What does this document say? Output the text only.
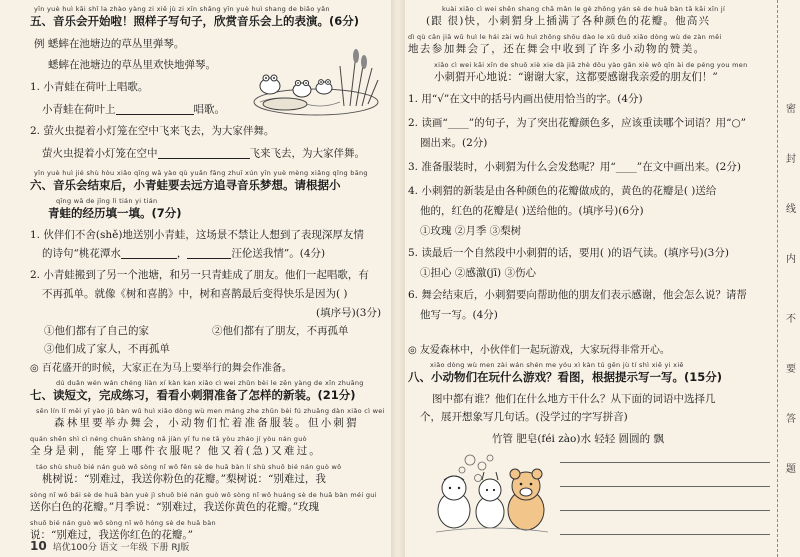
yīn yuè huì kāi shǐ la zhào yàng zi xiě jù zi xīn shǎng yīn yuè huì shang de biǎo yǎn
五、音乐会开始啦！照样子写句子，欣赏音乐会上的表演。(6分)
例 蟋蟀在池塘边的草丛里弹琴。
蟋蟀在池塘边的草丛里欢快地弹琴。
1. 小青蛙在荷叶上唱歌。
小青蛙在荷叶上	唱歌。
2. 萤火虫提着小灯笼在空中飞来飞去，为大家伴舞。
萤火虫提着小灯笼在空中	飞来飞去，为大家伴舞。
yīn yuè huì jié shù hòu xiǎo qīng wā yào qù yuǎn fāng zhuī xún yīn yuè mèng xiǎng qǐng bāng
六、音乐会结束后，小青蛙要去远方追寻音乐梦想。请根据小
qīng wā de jīng lì tián yi tián
青蛙的经历填一填。(7分)
1. 伙伴们不舍(shě)地送别小青蛙，这场景不禁让人想到了表现深厚友情
的诗句“桃花潭水	，	汪伦送我情”。(4分)
2. 小青蛙搬到了另一个池塘，和另一只青蛙成了朋友。他们一起唱歌，有
不再孤单。就像《树和喜鹊》中，树和喜鹊最后变得快乐是因为( )
(填序号)(3分)
①他们都有了自己的家	②他们都有了朋友，不再孤单
③他们成了家人，不再孤单
◎ 百花盛开的时候，大家正在为马上要举行的舞会作准备。
dú duǎn wén wán chéng liàn xí kàn kan xiǎo cì wei zhǔn bèi le zěn yàng de xīn zhuāng
七、读短文，完成练习，看看小刺猬准备了怎样的新装。(21分)
sēn lín lǐ měi yī yào jǔ bàn wǔ huì xiǎo dòng wù men máng zhe zhǔn bèi fú zhuāng dàn xiǎo cì wei
森林里要举办舞会，小动物们忙着准备服装。但小刺猬
quán shēn shì cì néng chuān shàng nǎ jiàn yī fu ne tā yòu zháo jí yòu nán guò
全身是刺，能穿上哪件衣服呢？他又着(急)又难过。
táo shù shuō bié nán guò wǒ sòng nǐ wǒ fěn sè de huā bàn lí shù shuō bié nán guò wǒ
桃树说：“别难过，我送你粉色的花瓣。”梨树说：“别难过，我
sòng nǐ wǒ bái sè de huā bàn yuè jì shuō bié nán guò wǒ sòng nǐ wǒ huáng sè de huā bàn méi gui
送你白色的花瓣。”月季说：“别难过，我送你黄色的花瓣。”玫瑰
shuō bié nán guò wǒ sòng nǐ wǒ hóng sè de huā bàn
说：“别难过，我送你红色的花瓣。”
kuài xiǎo cì wei shēn shang chā mǎn le gè zhǒng yán sè de huā bàn tā kāi xīn jí
(跟 很)快，小刺猬身上插满了各种颜色的花瓣。他高兴
dì qù cān jiā wǔ huì le hái zài wǔ huì zhōng shōu dào le xǔ duō xiǎo dòng wù de zàn měi
地去参加舞会了，还在舞会中收到了许多小动物的赞美。
xiǎo cì wei kāi xīn de shuō xiè xie dà jiā zhè dōu yào gǎn xiè wǒ qīn ài de péng you men
小刺猬开心地说：“谢谢大家，这都要感谢我亲爱的朋友们！”
1. 用“√”在文中的括号内画出使用恰当的字。(4分)
2. 读画“____”的句子，为了突出花瓣颜色多，应该重读哪个词语？用“○”
圈出来。(2分)
3. 准备服装时，小刺猬为什么会发愁呢？用“____”在文中画出来。(2分)
4. 小刺猬的新装是由各种颜色的花瓣做成的，黄色的花瓣是( )送给
他的，红色的花瓣是( )送给他的。(填序号)(6分)
①玫瑰 ②月季 ③梨树
5. 读最后一个自然段中小刺猬的话，要用( )的语气读。(填序号)(3分)
①担心 ②感激(jī) ③伤心
6. 舞会结束后，小刺猬要向帮助他的朋友们表示感谢，他会怎么说？请帮
他写一写。(4分)
◎ 友爱森林中，小伙伴们一起玩游戏，大家玩得非常开心。
xiǎo dòng wù men zài wán shén me yóu xì kàn tú gēn jù tí shì xiě yi xiě
八、小动物们在玩什么游戏？看图，根据提示写一写。(15分)
图中都有谁？他们在什么地方干什么？从下面的词语中选择几
个，展开想象写几句话。(没学过的字写拼音)
竹管 肥皂(féi zào)水 轻轻 圆圆的 飘
密
封
线
内
不
要
答
题
10 培优100分 语文 一年级 下册 RJ版
